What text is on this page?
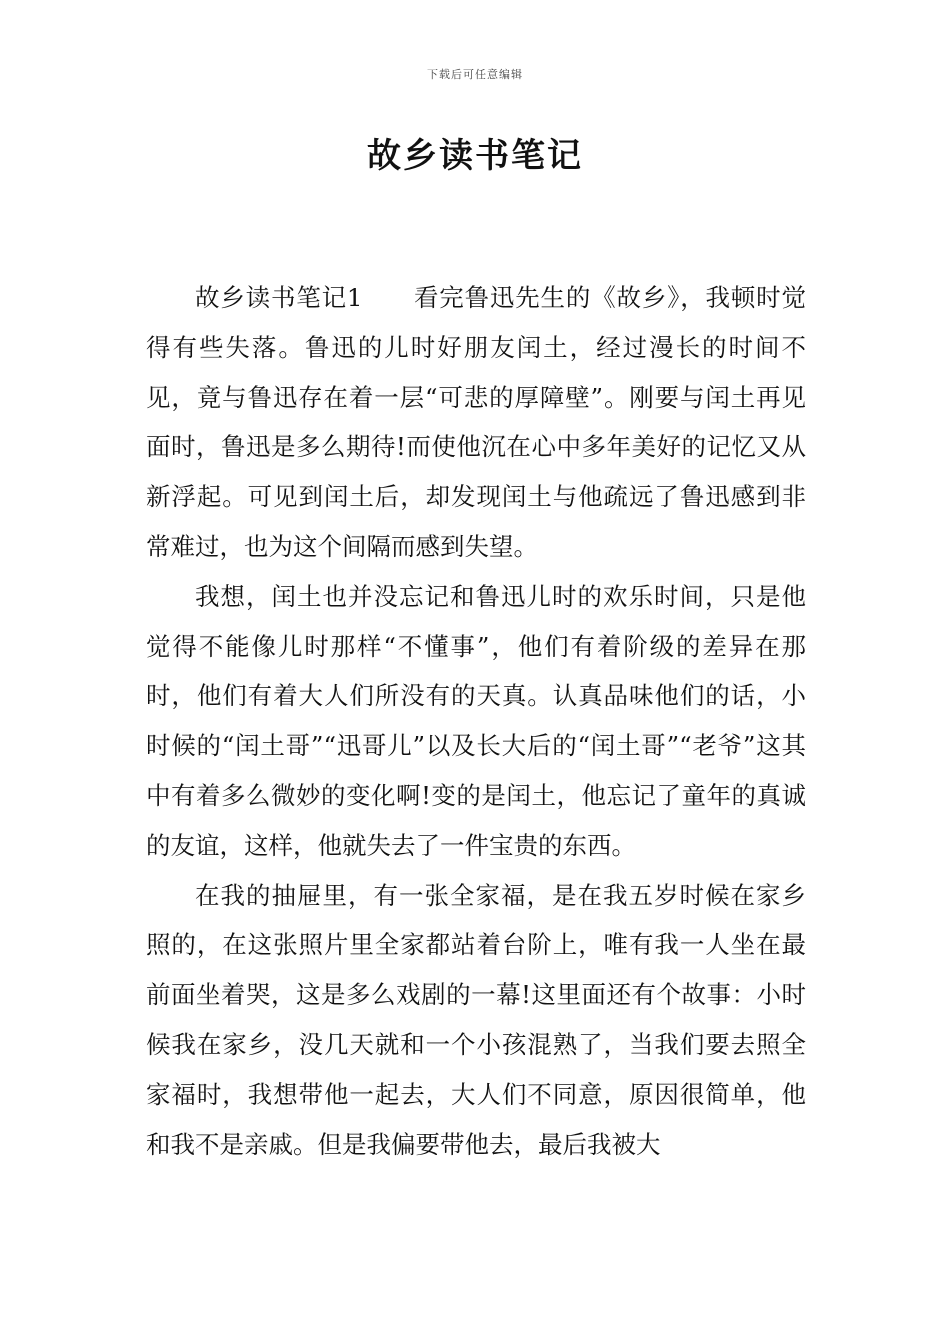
下载后可任意编辑
故乡读书笔记

故乡读书笔记1　　看完鲁迅先生的《故乡》，我顿时觉得有些失落。鲁迅的儿时好朋友闰土，经过漫长的时间不见，竟与鲁迅存在着一层“可悲的厚障壁”。刚要与闰土再见面时，鲁迅是多么期待!而使他沉在心中多年美好的记忆又从新浮起。可见到闰土后，却发现闰土与他疏远了鲁迅感到非常难过，也为这个间隔而感到失望。

我想，闰土也并没忘记和鲁迅儿时的欢乐时间，只是他觉得不能像儿时那样“不懂事”，他们有着阶级的差异在那时，他们有着大人们所没有的天真。认真品味他们的话，小时候的“闰土哥”“迅哥儿”以及长大后的“闰土哥”“老爷”这其中有着多么微妙的变化啊!变的是闰土，他忘记了童年的真诚的友谊，这样，他就失去了一件宝贵的东西。

在我的抽屉里，有一张全家福，是在我五岁时候在家乡照的，在这张照片里全家都站着台阶上，唯有我一人坐在最前面坐着哭，这是多么戏剧的一幕!这里面还有个故事：小时候我在家乡，没几天就和一个小孩混熟了，当我们要去照全家福时，我想带他一起去，大人们不同意，原因很简单，他和我不是亲戚。但是我偏要带他去，最后我被大
